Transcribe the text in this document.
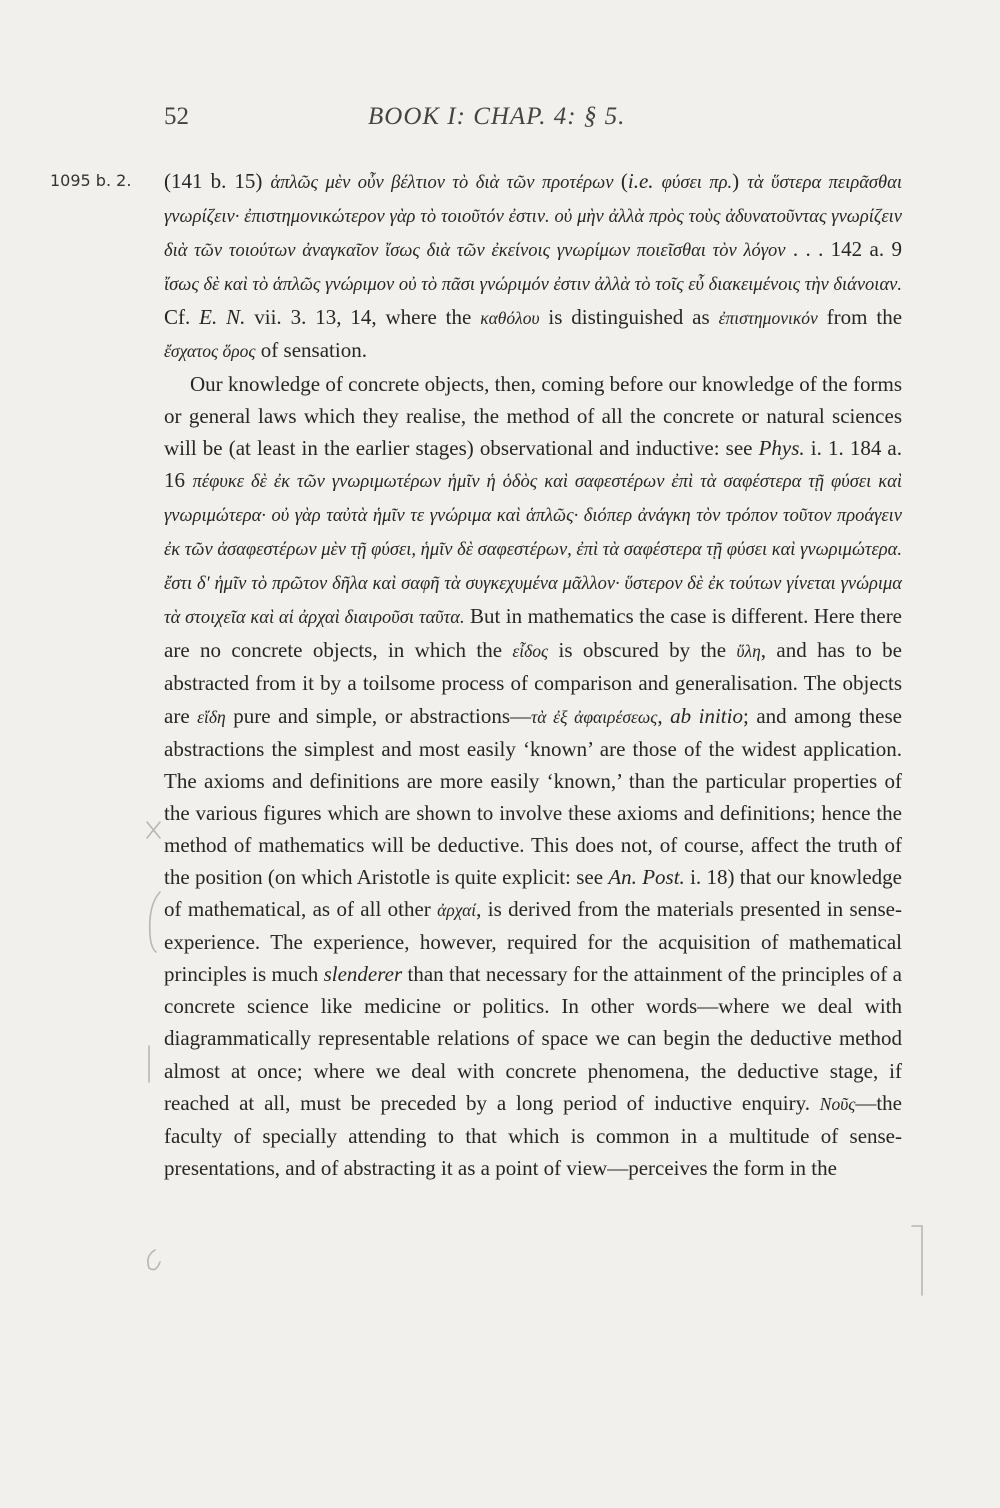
52	BOOK I: CHAP. 4: § 5.
1095 b. 2. (141 b. 15) ἁπλῶς μὲν οὖν βέλτιον τὸ διὰ τῶν προτέρων (i.e. φύσει πρ.) τὰ ὕστερα πειρᾶσθαι γνωρίζειν· ἐπιστημονικώτερον γὰρ τὸ τοιοῦτόν ἐστιν. οὐ μὴν ἀλλὰ πρὸς τοὺς ἀδυνατοῦντας γνωρίζειν διὰ τῶν τοιούτων ἀναγκαῖον ἴσως διὰ τῶν ἐκείνοις γνωρίμων ποιεῖσθαι τὸν λόγον . . . 142 a. 9 ἴσως δὲ καὶ τὸ ἁπλῶς γνώριμον οὐ τὸ πᾶσι γνώριμόν ἐστιν ἀλλὰ τὸ τοῖς εὖ διακειμένοις τὴν διάνοιαν. Cf. E. N. vii. 3. 13, 14, where the καθόλου is distinguished as ἐπιστημονικόν from the ἔσχατος ὅρος of sensation.

Our knowledge of concrete objects, then, coming before our knowledge of the forms or general laws which they realise, the method of all the concrete or natural sciences will be (at least in the earlier stages) observational and inductive: see Phys. i. 1. 184 a. 16 πέφυκε δὲ ἐκ τῶν γνωριμωτέρων ἡμῖν ἡ ὁδὸς καὶ σαφεστέρων ἐπὶ τὰ σαφέστερα τῇ φύσει καὶ γνωριμώτερα· οὐ γὰρ ταὐτὰ ἡμῖν τε γνώριμα καὶ ἁπλῶς· διόπερ ἀνάγκη τὸν τρόπον τοῦτον προάγειν ἐκ τῶν ἀσαφεστέρων μὲν τῇ φύσει, ἡμῖν δὲ σαφεστέρων, ἐπὶ τὰ σαφέστερα τῇ φύσει καὶ γνωριμώτερα. ἔστι δ' ἡμῖν τὸ πρῶτον δῆλα καὶ σαφῆ τὰ συγκεχυμένα μᾶλλον· ὕστερον δὲ ἐκ τούτων γίνεται γνώριμα τὰ στοιχεῖα καὶ αἱ ἀρχαὶ διαιροῦσι ταῦτα. But in mathematics the case is different. Here there are no concrete objects, in which the εἶδος is obscured by the ὕλη, and has to be abstracted from it by a toilsome process of comparison and generalisation. The objects are εἴδη pure and simple, or abstractions—τὰ ἐξ ἀφαιρέσεως, ab initio; and among these abstractions the simplest and most easily ‘known’ are those of the widest application. The axioms and definitions are more easily ‘known,’ than the particular properties of the various figures which are shown to involve these axioms and definitions; hence the method of mathematics will be deductive. This does not, of course, affect the truth of the position (on which Aristotle is quite explicit: see An. Post. i. 18) that our knowledge of mathematical, as of all other ἀρχαί, is derived from the materials presented in sense-experience. The experience, however, required for the acquisition of mathematical principles is much slenderer than that necessary for the attainment of the principles of a concrete science like medicine or politics. In other words—where we deal with diagrammatically representable relations of space we can begin the deductive method almost at once; where we deal with concrete phenomena, the deductive stage, if reached at all, must be preceded by a long period of inductive enquiry. Νοῦς—the faculty of specially attending to that which is common in a multitude of sense-presentations, and of abstracting it as a point of view—perceives the form in the
